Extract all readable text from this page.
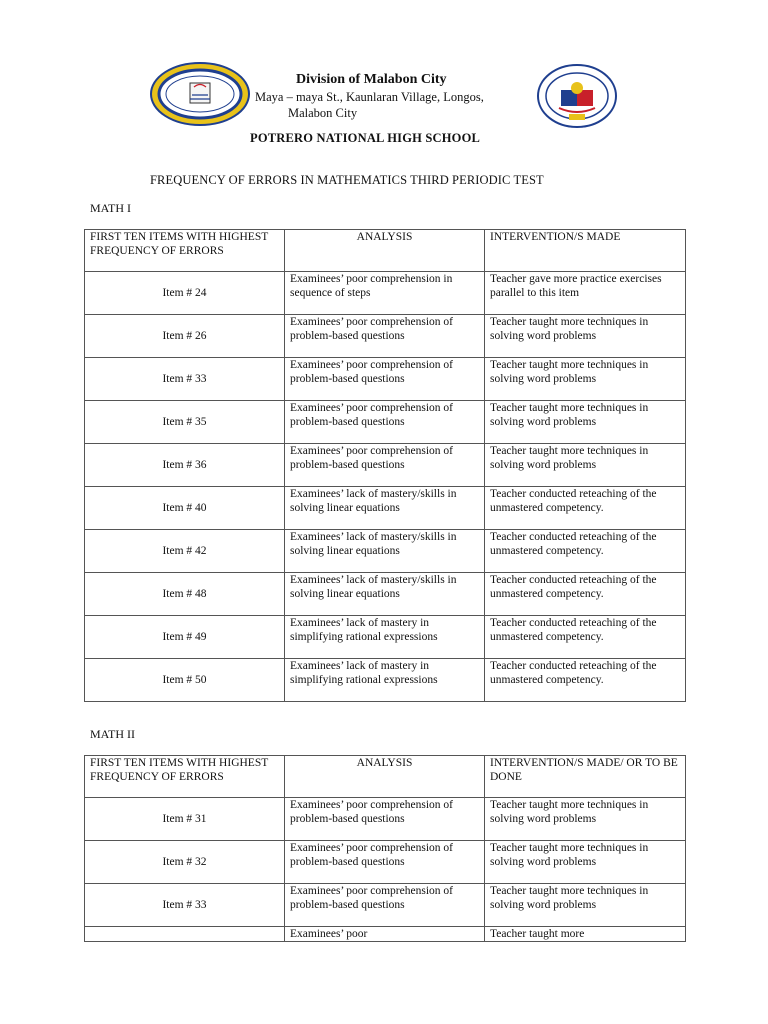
Division of Malabon City
Maya – maya St., Kaunlaran Village, Longos,
Malabon City
POTRERO NATIONAL HIGH SCHOOL
FREQUENCY OF ERRORS IN MATHEMATICS THIRD PERIODIC TEST
MATH I
FIRST TEN ITEMS WITH HIGHEST FREQUENCY OF ERRORS	ANALYSIS	INTERVENTION/S MADE
Item # 24	Examinees’ poor comprehension in sequence of steps	Teacher gave more practice exercises parallel to this item
Item # 26	Examinees’ poor comprehension of problem-based questions	Teacher taught more techniques in solving word problems
Item # 33	Examinees’ poor comprehension of problem-based questions	Teacher taught more techniques in solving word problems
Item # 35	Examinees’ poor comprehension of problem-based questions	Teacher taught more techniques in solving word problems
Item # 36	Examinees’ poor comprehension of problem-based questions	Teacher taught more techniques in solving word problems
Item # 40	Examinees’ lack of mastery/skills in solving linear equations	Teacher conducted reteaching of the unmastered competency.
Item # 42	Examinees’ lack of mastery/skills in solving linear equations	Teacher conducted reteaching of the unmastered competency.
Item # 48	Examinees’ lack of mastery/skills in solving linear equations	Teacher conducted reteaching of the unmastered competency.
Item # 49	Examinees’ lack of mastery in simplifying rational expressions	Teacher conducted reteaching of the unmastered competency.
Item # 50	Examinees’ lack of mastery in simplifying rational expressions	Teacher conducted reteaching of the unmastered competency.
MATH II
FIRST TEN ITEMS WITH HIGHEST FREQUENCY OF ERRORS	ANALYSIS	INTERVENTION/S MADE/ OR TO BE DONE
Item # 31	Examinees’ poor comprehension of problem-based questions	Teacher taught more techniques in solving word problems
Item # 32	Examinees’ poor comprehension of problem-based questions	Teacher taught more techniques in solving word problems
Item # 33	Examinees’ poor comprehension of problem-based questions	Teacher taught more techniques in solving word problems
	Examinees’ poor	Teacher taught more
